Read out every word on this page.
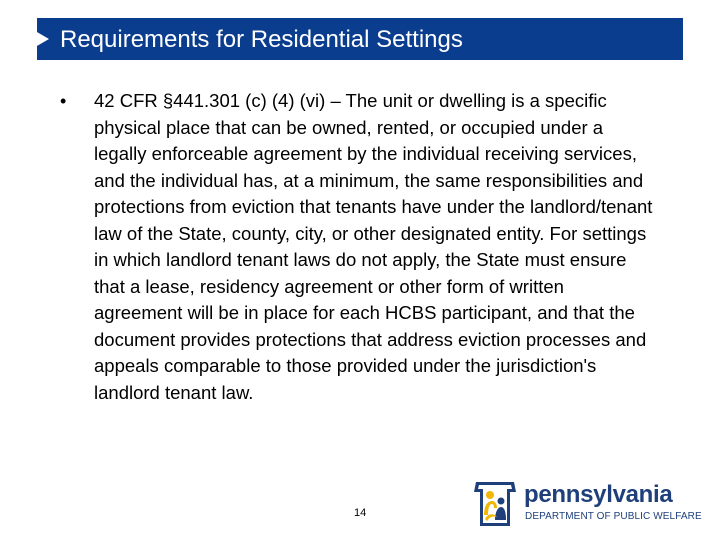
Requirements for Residential Settings
• 42 CFR §441.301 (c) (4) (vi) – The unit or dwelling is a specific physical place that can be owned, rented, or occupied under a legally enforceable agreement by the individual receiving services, and the individual has, at a minimum, the same responsibilities and protections from eviction that tenants have under the landlord/tenant law of the State, county, city, or other designated entity. For settings in which landlord tenant laws do not apply, the State must ensure that a lease, residency agreement or other form of written agreement will be in place for each HCBS participant, and that the document provides protections that address eviction processes and appeals comparable to those provided under the jurisdiction's landlord tenant law.
14
pennsylvania
DEPARTMENT OF PUBLIC WELFARE
